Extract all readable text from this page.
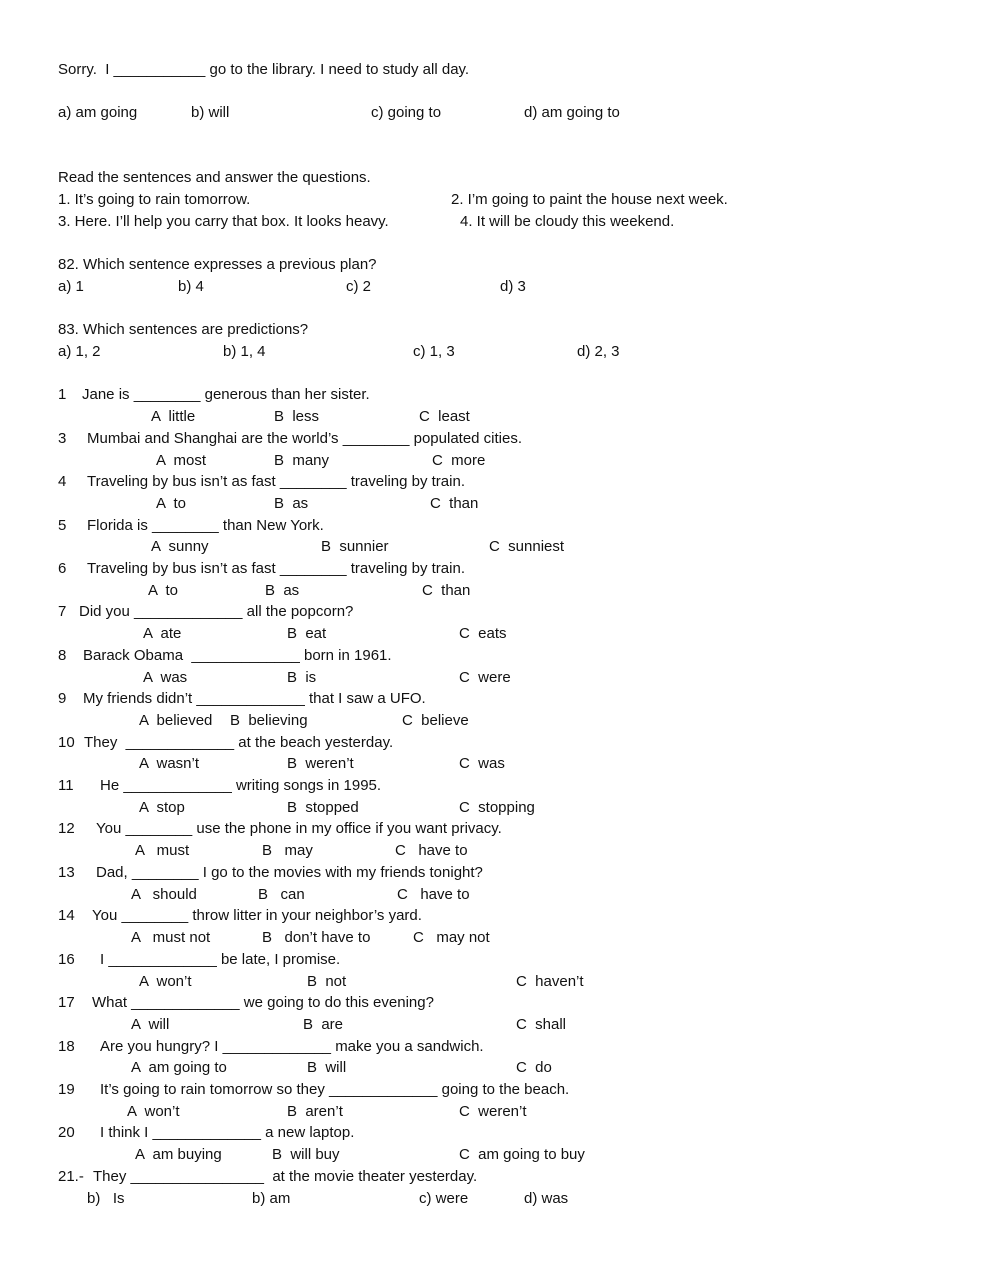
Sorry.  I ___________ go to the library. I need to study all day.
a) am going	b) will	c) going to	d) am going to
Read the sentences and answer the questions.
1. It’s going to rain tomorrow.	2. I’m going to paint the house next week.
3. Here. I’ll help you carry that box. It looks heavy.	4. It will be cloudy this weekend.
82. Which sentence expresses a previous plan?
a) 1	b) 4	c) 2	d) 3
83. Which sentences are predictions?
a) 1, 2	b) 1, 4	c) 1, 3	d) 2, 3
1 Jane is ________ generous than her sister.
A  little	B  less	C  least
3 Mumbai and Shanghai are the world’s ________ populated cities.
A  most	B  many	C  more
4 Traveling by bus isn’t as fast ________ traveling by train.
A  to	B  as	C  than
5 Florida is ________ than New York.
A  sunny	B  sunnier	C  sunniest
6 Traveling by bus isn’t as fast ________ traveling by train.
A  to	B  as	C  than
7 Did you _____________ all the popcorn?
A  ate	B  eat	C  eats
8 Barack Obama  _____________ born in 1961.
A  was	B  is	C  were
9 My friends didn’t _____________ that I saw a UFO.
A  believed B  believing	C  believe
10 They  _____________ at the beach yesterday.
A  wasn’t	B  weren’t	C  was
11 He _____________ writing songs in 1995.
A  stop	B  stopped	C  stopping
12 You ________ use the phone in my office if you want privacy.
A   must	B   may	C   have to
13 Dad, ________ I go to the movies with my friends tonight?
A   should	B   can	C   have to
14 You ________ throw litter in your neighbor’s yard.
A   must not	B   don’t have to	C   may not
16 I _____________ be late, I promise.
A  won’t	B  not	C  haven’t
17 What _____________ we going to do this evening?
A  will	B  are	C  shall
18 Are you hungry? I _____________ make you a sandwich.
A  am going to	B  will	C  do
19 It’s going to rain tomorrow so they _____________ going to the beach.
A  won’t	B  aren’t	C  weren’t
20 I think I _____________ a new laptop.
A  am buying	B  will buy	C  am going to buy
21.- They ________________  at the movie theater yesterday.
b)   Is	b) am	c) were	d) was
